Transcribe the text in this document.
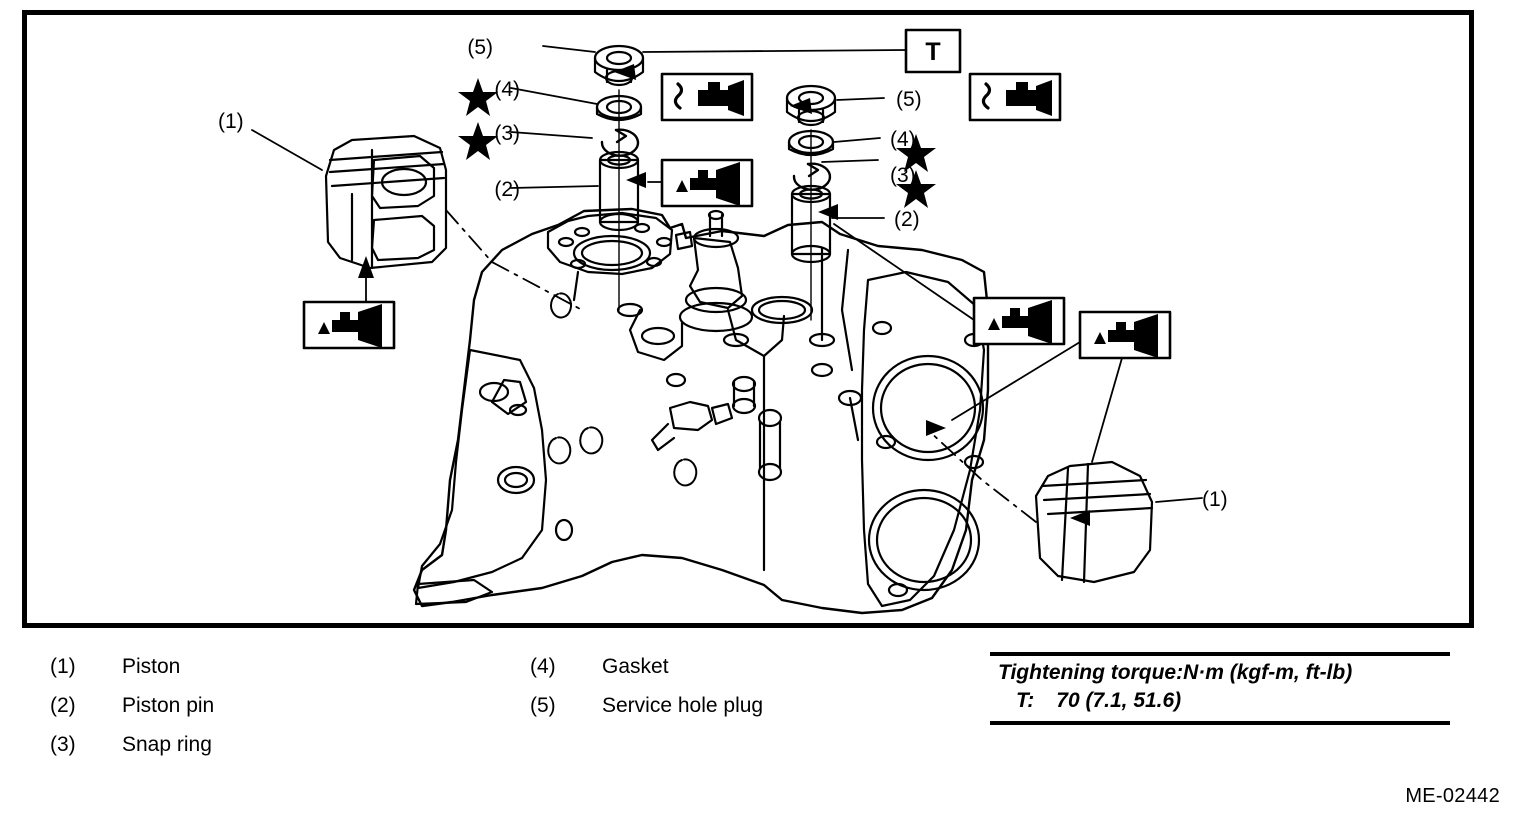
T
(5)
(4)
(3)
(2)
(1)
(5)
(4)
(3)
(2)
(1)
ME-02442
(1)	Piston
(2)	Piston pin
(3)	Snap ring
(4)	Gasket
(5)	Service hole plug
Tightening torque:N·m (kgf-m, ft-lb)
T: 70 (7.1, 51.6)
